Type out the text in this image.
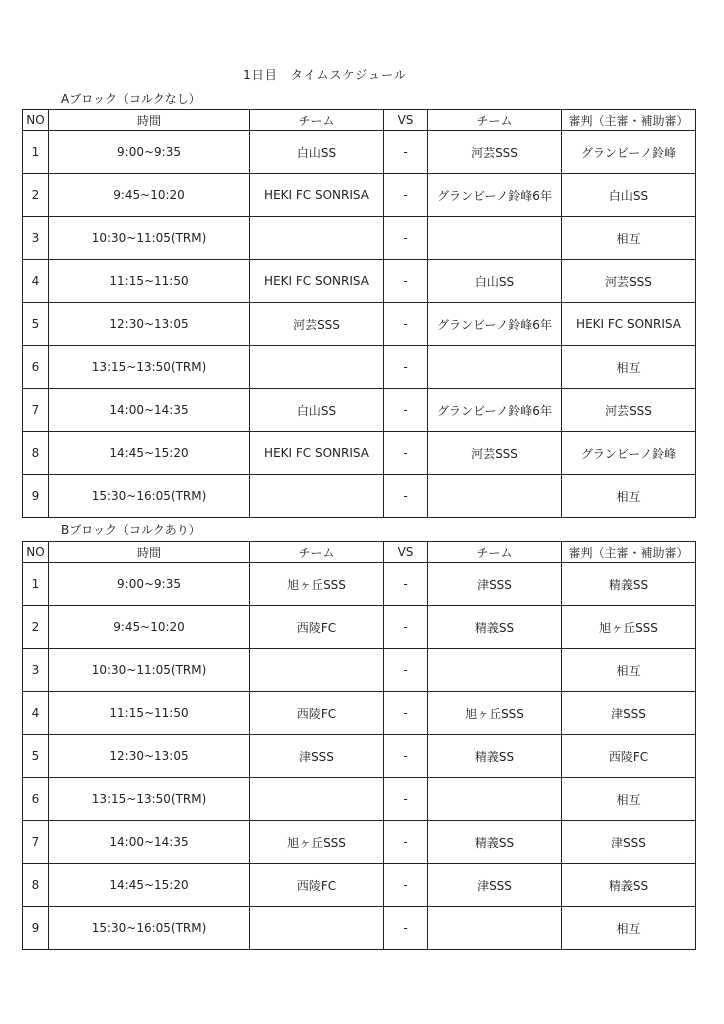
1日目　タイムスケジュール
Aブロック（コルクなし）
NO	時間	チーム	VS	チーム	審判（主審・補助審）
1	9:00~9:35	白山SS	-	河芸SSS	グランビーノ鈴峰
2	9:45~10:20	HEKI FC SONRISA	-	グランビーノ鈴峰6年	白山SS
3	10:30~11:05(TRM)		-		相互
4	11:15~11:50	HEKI FC SONRISA	-	白山SS	河芸SSS
5	12:30~13:05	河芸SSS	-	グランビーノ鈴峰6年	HEKI FC SONRISA
6	13:15~13:50(TRM)		-		相互
7	14:00~14:35	白山SS	-	グランビーノ鈴峰6年	河芸SSS
8	14:45~15:20	HEKI FC SONRISA	-	河芸SSS	グランビーノ鈴峰
9	15:30~16:05(TRM)		-		相互
Bブロック（コルクあり）
NO	時間	チーム	VS	チーム	審判（主審・補助審）
1	9:00~9:35	旭ヶ丘SSS	-	津SSS	精義SS
2	9:45~10:20	西陵FC	-	精義SS	旭ヶ丘SSS
3	10:30~11:05(TRM)		-		相互
4	11:15~11:50	西陵FC	-	旭ヶ丘SSS	津SSS
5	12:30~13:05	津SSS	-	精義SS	西陵FC
6	13:15~13:50(TRM)		-		相互
7	14:00~14:35	旭ヶ丘SSS	-	精義SS	津SSS
8	14:45~15:20	西陵FC	-	津SSS	精義SS
9	15:30~16:05(TRM)		-		相互
